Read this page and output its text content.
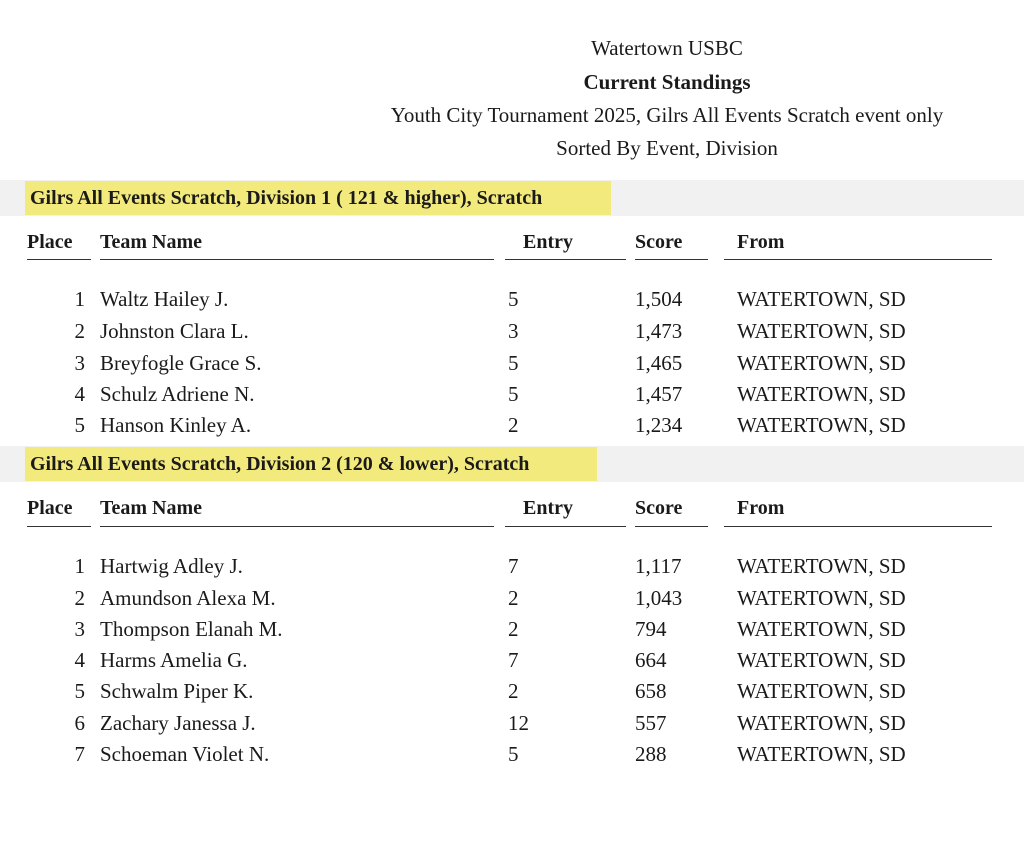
Watertown USBC
Current Standings
Youth City Tournament 2025, Gilrs All Events Scratch event only
Sorted By Event, Division
Gilrs All Events Scratch, Division 1 ( 121 & higher), Scratch
Place Team Name	Entry	Score	From
1 Waltz Hailey J.	5	1,504	WATERTOWN, SD
2 Johnston Clara L.	3	1,473	WATERTOWN, SD
3 Breyfogle Grace S.	5	1,465	WATERTOWN, SD
4 Schulz Adriene N.	5	1,457	WATERTOWN, SD
5 Hanson Kinley A.	2	1,234	WATERTOWN, SD
Gilrs All Events Scratch, Division 2 (120 & lower), Scratch
Place Team Name	Entry	Score	From
1 Hartwig Adley J.	7	1,117	WATERTOWN, SD
2 Amundson Alexa M.	2	1,043	WATERTOWN, SD
3 Thompson Elanah M.	2	794	WATERTOWN, SD
4 Harms Amelia G.	7	664	WATERTOWN, SD
5 Schwalm Piper K.	2	658	WATERTOWN, SD
6 Zachary Janessa J.	12	557	WATERTOWN, SD
7 Schoeman Violet N.	5	288	WATERTOWN, SD
